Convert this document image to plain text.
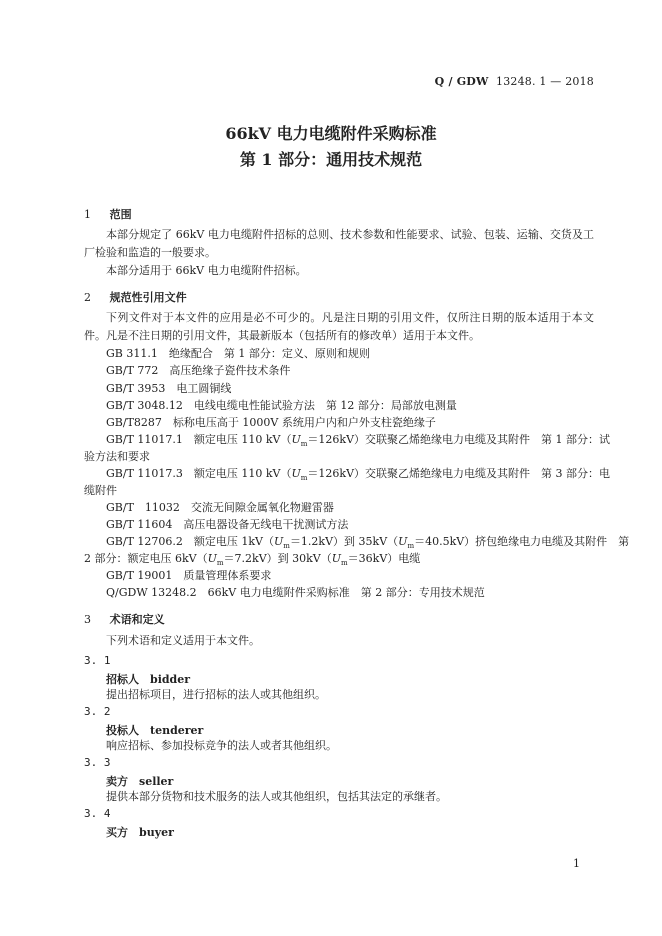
Q / GDW 13248. 1 — 2018
66kV 电力电缆附件采购标准
第 1 部分：通用技术规范
1 范围
本部分规定了 66kV 电力电缆附件招标的总则、技术参数和性能要求、试验、包装、运输、交货及工厂检验和监造的一般要求。
本部分适用于 66kV 电力电缆附件招标。
2 规范性引用文件
下列文件对于本文件的应用是必不可少的。凡是注日期的引用文件，仅所注日期的版本适用于本文件。凡是不注日期的引用文件，其最新版本（包括所有的修改单）适用于本文件。
GB 311.1　绝缘配合　第 1 部分：定义、原则和规则
GB/T 772　高压绝缘子瓷件技术条件
GB/T 3953　电工圆铜线
GB/T 3048.12　电线电缆电性能试验方法　第 12 部分：局部放电测量
GB/T8287　标称电压高于 1000V 系统用户内和户外支柱瓷绝缘子
GB/T 11017.1　额定电压 110 $kV(U_m=126kV)$交联聚乙烯绝缘电力电缆及其附件　第 1 部分：试
验方法和要求
GB/T 11017.3　额定电压 110 $kV(U_m=126kV)$交联聚乙烯绝缘电力电缆及其附件　第 3 部分：电
缆附件
GB/T　11032　交流无间隙金属氧化物避雷器
GB/T 11604　高压电器设备无线电干扰测试方法
GB/T 12706.2　额定电压 $1kV(U_m=1.2kV)$到 $35kV(U_m=40.5kV)$挤包绝缘电力电缆及其附件　第
2 部分：额定电压 $6kV(U_m=7.2kV)$到 $30kV(U_m=36kV)$电缆
GB/T 19001　质量管理体系要求
Q/GDW 13248.2　66kV 电力电缆附件采购标准　第 2 部分：专用技术规范
3 术语和定义
下列术语和定义适用于本文件。
3. 1
招标人　bidder
提出招标项目，进行招标的法人或其他组织。
3. 2
投标人　tenderer
响应招标、参加投标竞争的法人或者其他组织。
3. 3
卖方　seller
提供本部分货物和技术服务的法人或其他组织，包括其法定的承继者。
3. 4
买方　buyer
1
